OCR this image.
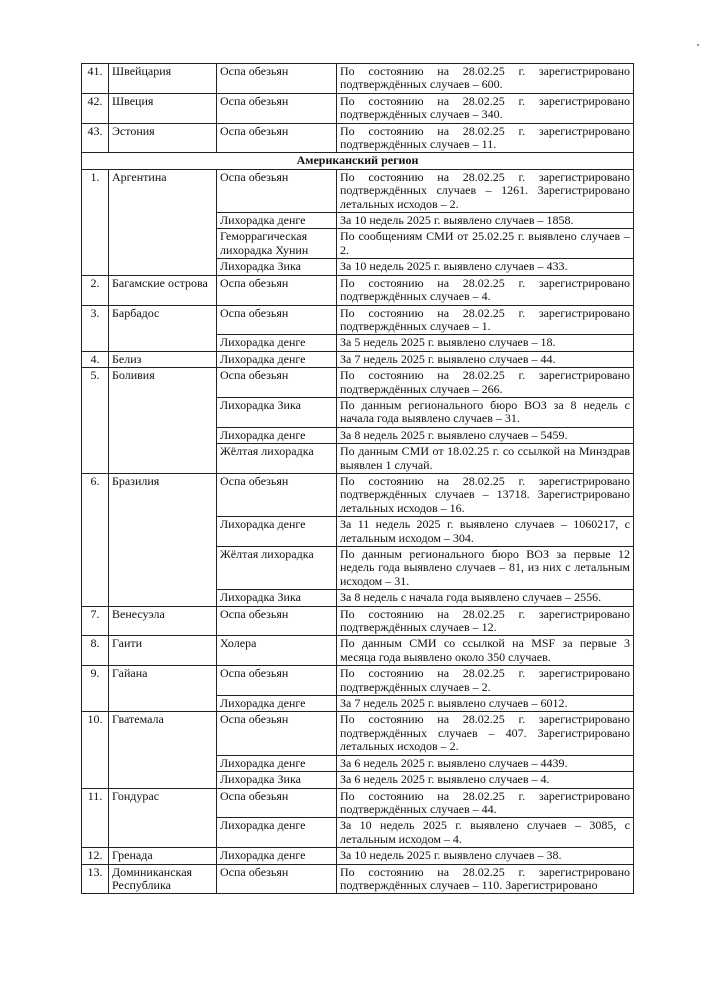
41.	Швейцария	Оспа обезьян	По состоянию на 28.02.25 г. зарегистрировано подтверждённых случаев – 600.
42.	Швеция	Оспа обезьян	По состоянию на 28.02.25 г. зарегистрировано подтверждённых случаев – 340.
43.	Эстония	Оспа обезьян	По состоянию на 28.02.25 г. зарегистрировано подтверждённых случаев – 11.
Американский регион			
1.	Аргентина	Оспа обезьян	По состоянию на 28.02.25 г. зарегистрировано подтверждённых случаев – 1261. Зарегистрировано летальных исходов – 2.
		Лихорадка денге	За 10 недель 2025 г. выявлено случаев – 1858.
		Геморрагическая лихорадка Хунин	По сообщениям СМИ от 25.02.25 г. выявлено случаев – 2.
		Лихорадка Зика	За 10 недель 2025 г. выявлено случаев – 433.
2.	Багамские острова	Оспа обезьян	По состоянию на 28.02.25 г. зарегистрировано подтверждённых случаев – 4.
3.	Барбадос	Оспа обезьян	По состоянию на 28.02.25 г. зарегистрировано подтверждённых случаев – 1.
		Лихорадка денге	За 5 недель 2025 г. выявлено случаев – 18.
4.	Белиз	Лихорадка денге	За 7 недель 2025 г. выявлено случаев – 44.
5.	Боливия	Оспа обезьян	По состоянию на 28.02.25 г. зарегистрировано подтверждённых случаев – 266.
		Лихорадка Зика	По данным регионального бюро ВОЗ за 8 недель с начала года выявлено случаев – 31.
		Лихорадка денге	За 8 недель 2025 г. выявлено случаев – 5459.
		Жёлтая лихорадка	По данным СМИ от 18.02.25 г. со ссылкой на Минздрав выявлен 1 случай.
6.	Бразилия	Оспа обезьян	По состоянию на 28.02.25 г. зарегистрировано подтверждённых случаев – 13718. Зарегистрировано летальных исходов – 16.
		Лихорадка денге	За 11 недель 2025 г. выявлено случаев – 1060217, с летальным исходом – 304.
		Жёлтая лихорадка	По данным регионального бюро ВОЗ за первые 12 недель года выявлено случаев – 81, из них с летальным исходом – 31.
		Лихорадка Зика	За 8 недель с начала года выявлено случаев – 2556.
7.	Венесуэла	Оспа обезьян	По состоянию на 28.02.25 г. зарегистрировано подтверждённых случаев – 12.
8.	Гаити	Холера	По данным СМИ со ссылкой на MSF за первые 3 месяца года выявлено около 350 случаев.
9.	Гайана	Оспа обезьян	По состоянию на 28.02.25 г. зарегистрировано подтверждённых случаев – 2.
		Лихорадка денге	За 7 недель 2025 г. выявлено случаев – 6012.
10.	Гватемала	Оспа обезьян	По состоянию на 28.02.25 г. зарегистрировано подтверждённых случаев – 407. Зарегистрировано летальных исходов – 2.
		Лихорадка денге	За 6 недель 2025 г. выявлено случаев – 4439.
		Лихорадка Зика	За 6 недель 2025 г. выявлено случаев – 4.
11.	Гондурас	Оспа обезьян	По состоянию на 28.02.25 г. зарегистрировано подтверждённых случаев – 44.
		Лихорадка денге	За 10 недель 2025 г. выявлено случаев – 3085, с летальным исходом – 4.
12.	Гренада	Лихорадка денге	За 10 недель 2025 г. выявлено случаев – 38.
13.	Доминиканская Республика	Оспа обезьян	По состоянию на 28.02.25 г. зарегистрировано подтверждённых случаев – 110. Зарегистрировано
